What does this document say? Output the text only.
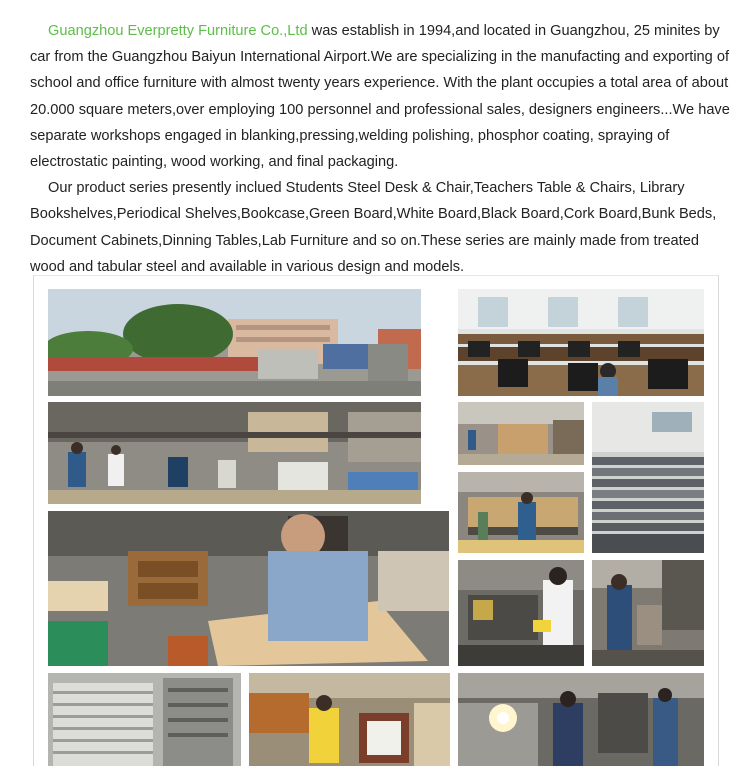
Guangzhou Everpretty Furniture Co.,Ltd was establish in 1994,and located in Guangzhou, 25 minites by car from the Guangzhou Baiyun International Airport.We are specializing in the manufacting and exporting of school and office furniture with almost twenty years experience. With the plant occupies a total area of about 20.000 square meters,over employing 100 personnel and professional sales, designers engineers...We have separate workshops engaged in blanking,pressing,welding polishing, phosphor coating, spraying of electrostatic painting, wood working, and final packaging.

Our product series presently inclued Students Steel Desk & Chair,Teachers Table & Chairs, Library Bookshelves,Periodical Shelves,Bookcase,Green Board,White Board,Black Board,Cork Board,Bunk Beds, Document Cabinets,Dinning Tables,Lab Furniture and so on.These series are mainly made from treated wood and tabular steel and available in various design and models.
